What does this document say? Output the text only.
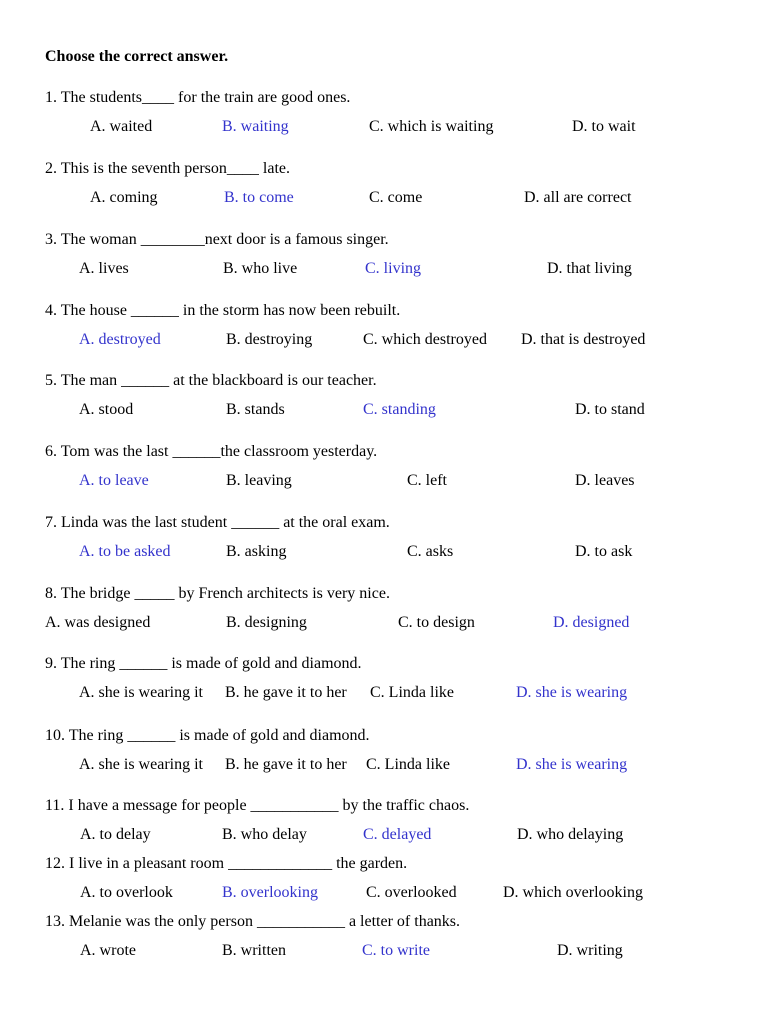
Choose the correct answer.
1. The students____ for the train are good ones.
A. waited	B. waiting	C. which is waiting	D. to wait
2. This is the seventh person____ late.
A. coming	B. to come	C. come	D. all are correct
3. The woman ________next door is a famous singer.
A. lives	B. who live	C. living	D. that living
4. The house ______ in the storm has now been rebuilt.
A. destroyed	B. destroying	C. which destroyed D. that is destroyed
5. The man ______ at the blackboard is our teacher.
A. stood	B. stands	C. standing	D. to stand
6. Tom was the last ______the classroom yesterday.
A. to leave	B. leaving	C. left	D. leaves
7. Linda was the last student ______ at the oral exam.
A. to be asked	B. asking	C. asks	D. to ask
8. The bridge _____ by French architects is very nice.
A. was designed	B. designing	C. to design	D. designed
9. The ring ______ is made of gold and diamond.
A. she is wearing it B. he gave it to her C. Linda like	D. she is wearing
10. The ring ______ is made of gold and diamond.
A. she is wearing it B. he gave it to her C. Linda like	D. she is wearing
11. I have a message for people ___________ by the traffic chaos.
A. to delay	B. who delay	C. delayed	D. who delaying
12. I live in a pleasant room _____________ the garden.
A. to overlook	B. overlooking	C. overlooked	D. which overlooking
13. Melanie was the only person ___________ a letter of thanks.
A. wrote	B. written	C. to write	D. writing
